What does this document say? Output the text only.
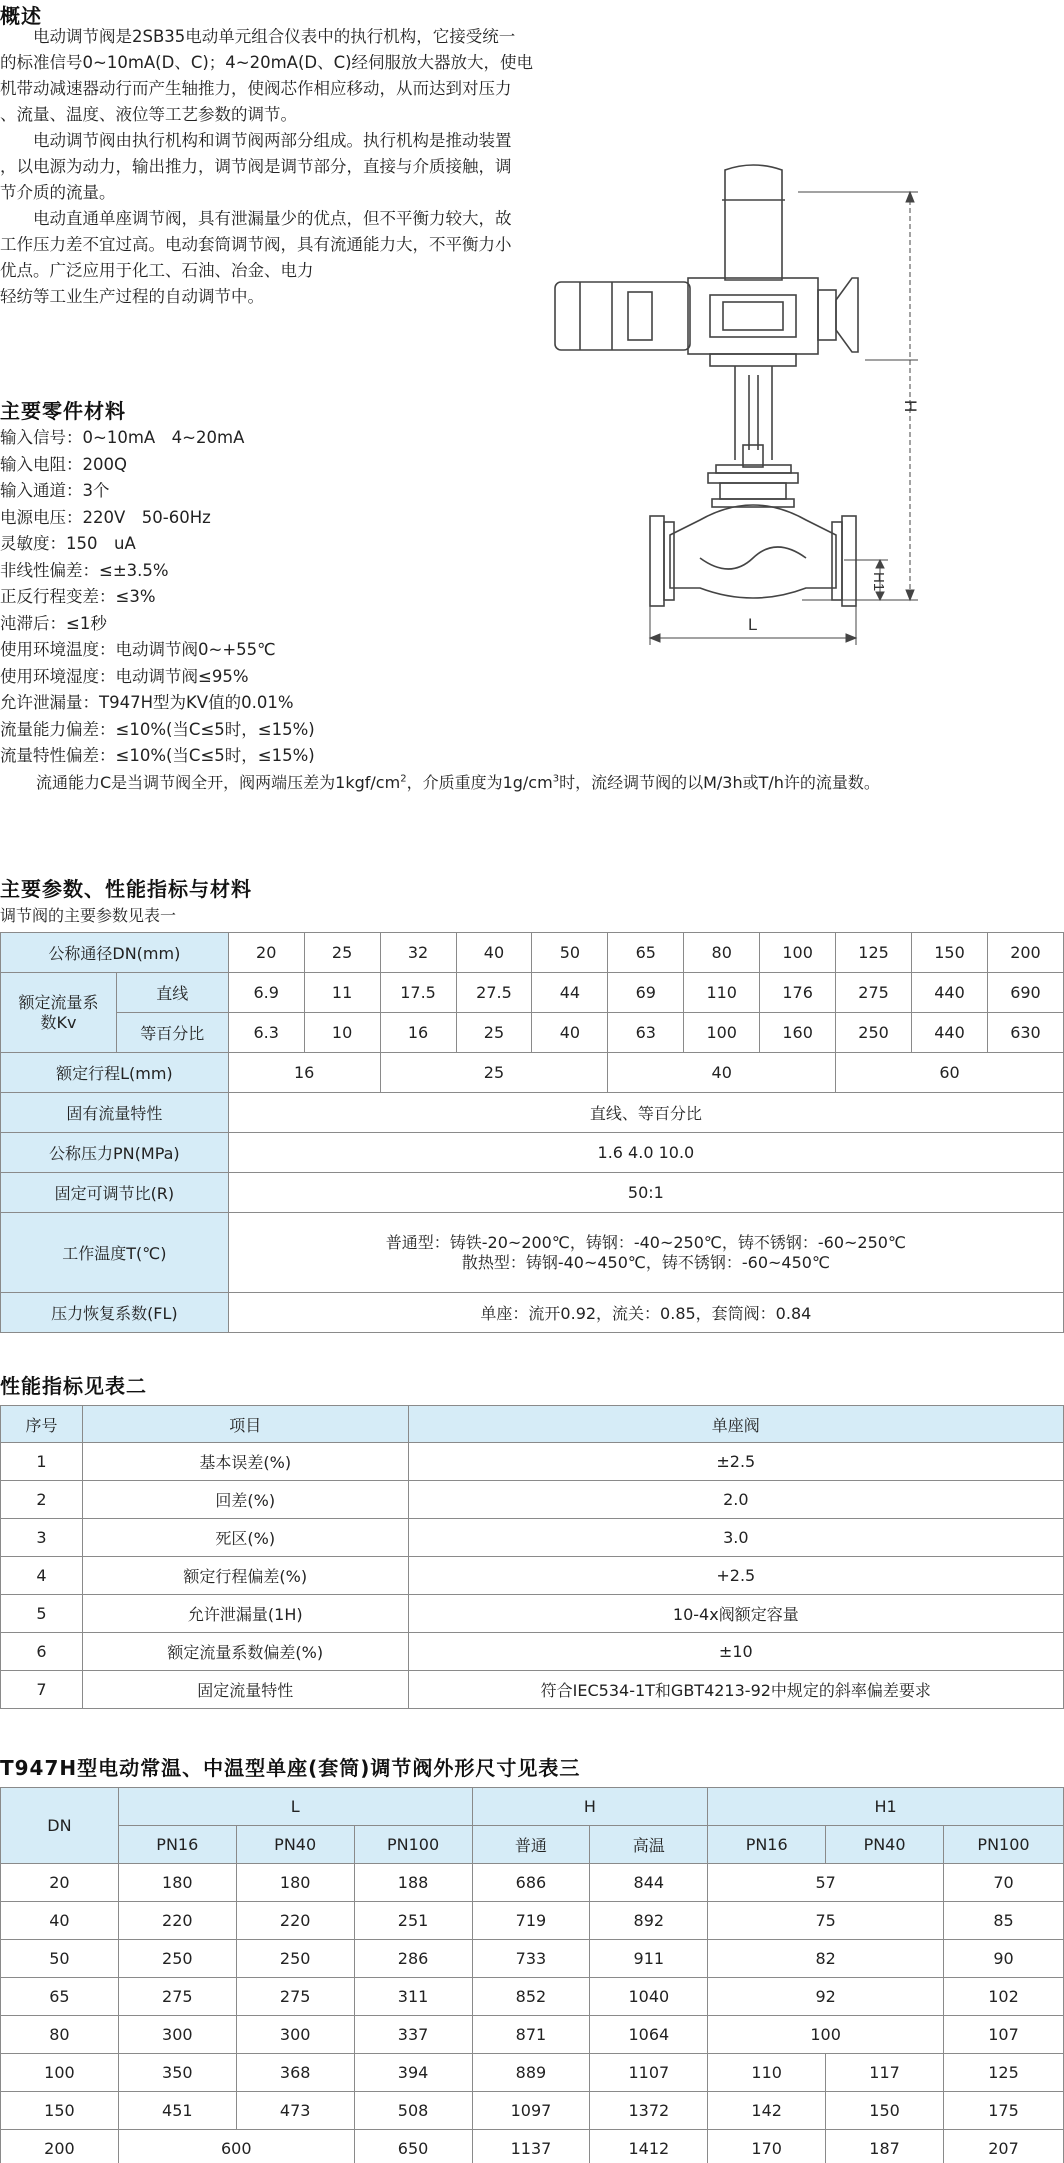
概述

　　电动调节阀是2SB35电动单元组合仪表中的执行机构，它接受统一

的标准信号0~10mA(D、C)；4~20mA(D、C)经伺服放大器放大，使电

机带动减速器动行而产生轴推力，使阀芯作相应移动，从而达到对压力

、流量、温度、液位等工艺参数的调节。

　　电动调节阀由执行机构和调节阀两部分组成。执行机构是推动装置

，以电源为动力，输出推力，调节阀是调节部分，直接与介质接触，调

节介质的流量。

　　电动直通单座调节阀，具有泄漏量少的优点，但不平衡力较大，故

工作压力差不宜过高。电动套筒调节阀，具有流通能力大，不平衡力小

优点。广泛应用于化工、石油、冶金、电力

轻纺等工业生产过程的自动调节中。

主要零件材料
输入信号：0~10mA　4~20mA
输入电阻：200Q
输入通道：3个
电源电压：220V　50-60Hz
灵敏度：150　uA
非线性偏差：≤±3.5%
正反行程变差：≤3%
沌滞后：≤1秒
使用环境温度：电动调节阀0~+55℃
使用环境湿度：电动调节阀≤95%
允许泄漏量：T947H型为KV值的0.01%
流量能力偏差：≤10%(当C≤5时，≤15%)
流量特性偏差：≤10%(当C≤5时，≤15%)
流通能力C是当调节阀全开，阀两端压差为$1kgf/cm^2$，介质重度为$1g/cm^3$时，流经调节阀的以M/3h或T/h许的流量数。
H
H1
L
主要参数、性能指标与材料
调节阀的主要参数见表一
公称通径DN(mm)		20	25	32	40	50	65	80	100	125	150	200
额定流量系数Kv	直线	6.9	11	17.5	27.5	44	69	110	176	275	440	690
	等百分比	6.3	10	16	25	40	63	100	160	250	440	630
额定行程L(mm)		16		25			40			60		
固有流量特性		直线、等百分比										
公称压力PN(MPa)		1.6 4.0 10.0										
固定可调节比(R)		50:1										
工作温度T(℃)		普通型：铸铁-20~200℃，铸钢：-40~250℃，铸不锈钢：-60~250℃
散热型：铸钢-40~450℃，铸不锈钢：-60~450℃										

压力恢复系数(FL)		单座：流开0.92，流关：0.85，套筒阀：0.84										
性能指标见表二
序号	项目	单座阀
1	基本误差(%)	±2.5
2	回差(%)	2.0
3	死区(%)	3.0
4	额定行程偏差(%)	+2.5
5	允许泄漏量(1H)	10-4x阀额定容量
6	额定流量系数偏差(%)	±10
7	固定流量特性	符合IEC534-1T和GBT4213-92中规定的斜率偏差要求
T947H型电动常温、中温型单座(套筒)调节阀外形尺寸见表三
DN	L			H		H1		
	PN16	PN40	PN100	普通	高温	PN16	PN40	PN100
20	180	180	188	686	844	57		70
40	220	220	251	719	892	75		85
50	250	250	286	733	911	82		90
65	275	275	311	852	1040	92		102
80	300	300	337	871	1064	100		107
100	350	368	394	889	1107	110	117	125
150	451	473	508	1097	1372	142	150	175
200	600		650	1137	1412	170	187	207
